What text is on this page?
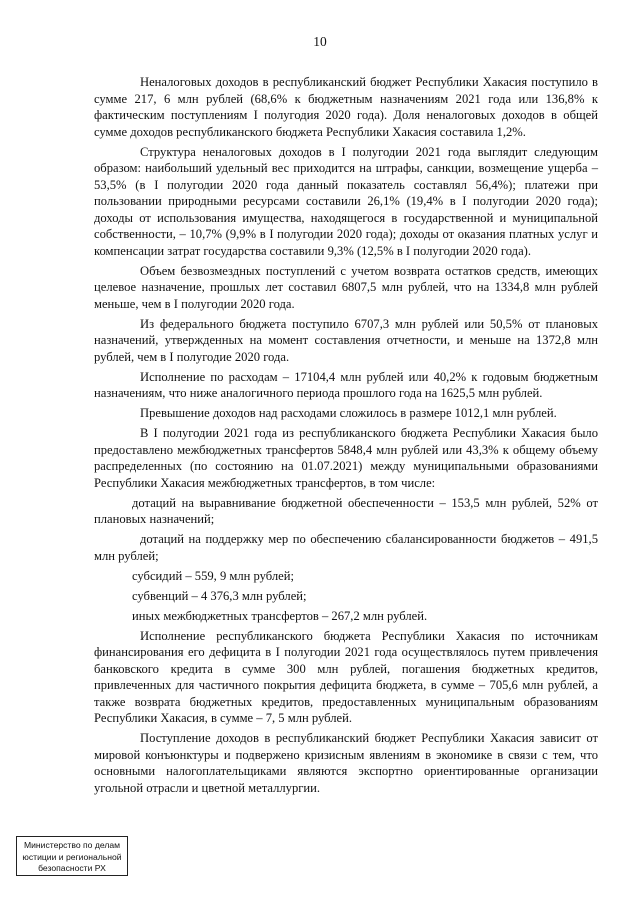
10

Неналоговых доходов в республиканский бюджет Республики Хакасия поступило в сумме 217, 6 млн рублей (68,6% к бюджетным назначениям 2021 года или 136,8% к фактическим поступлениям I полугодия 2020 года). Доля неналоговых доходов в общей сумме доходов республиканского бюджета Республики Хакасия составила 1,2%.

Структура неналоговых доходов в I полугодии 2021 года выглядит следующим образом: наибольший удельный вес приходится на штрафы, санкции, возмещение ущерба – 53,5% (в I полугодии 2020 года данный показатель составлял 56,4%); платежи при пользовании природными ресурсами составили 26,1% (19,4% в I полугодии 2020 года); доходы от использования имущества, находящегося в государственной и муниципальной собственности, – 10,7% (9,9% в I полугодии 2020 года); доходы от оказания платных услуг и компенсации затрат государства составили 9,3% (12,5% в I полугодии 2020 года).

Объем безвозмездных поступлений с учетом возврата остатков средств, имеющих целевое назначение, прошлых лет составил 6807,5 млн рублей, что на 1334,8 млн рублей меньше, чем в I полугодии 2020 года.

Из федерального бюджета поступило 6707,3 млн рублей или 50,5% от плановых назначений, утвержденных на момент составления отчетности, и меньше на 1372,8 млн рублей, чем в I полугодие 2020 года.

Исполнение по расходам – 17104,4 млн рублей или 40,2% к годовым бюджетным назначениям, что ниже аналогичного периода прошлого года на 1625,5 млн рублей.

Превышение доходов над расходами сложилось в размере 1012,1 млн рублей.

В I полугодии 2021 года из республиканского бюджета Республики Хакасия было предоставлено межбюджетных трансфертов 5848,4 млн рублей или 43,3% к общему объему распределенных (по состоянию на 01.07.2021) между муниципальными образованиями Республики Хакасия межбюджетных трансфертов, в том числе:

дотаций на выравнивание бюджетной обеспеченности – 153,5 млн рублей, 52% от плановых назначений;

дотаций на поддержку мер по обеспечению сбалансированности бюджетов – 491,5 млн рублей;

субсидий – 559, 9 млн рублей;

субвенций – 4 376,3 млн рублей;

иных межбюджетных трансфертов – 267,2 млн рублей.

Исполнение республиканского бюджета Республики Хакасия по источникам финансирования его дефицита в I полугодии 2021 года осуществлялось путем привлечения банковского кредита в сумме 300 млн рублей, погашения бюджетных кредитов, привлеченных для частичного покрытия дефицита бюджета, в сумме – 705,6 млн рублей, а также возврата бюджетных кредитов, предоставленных муниципальным образованиям Республики Хакасия, в сумме – 7, 5 млн рублей.

Поступление доходов в республиканский бюджет Республики Хакасия зависит от мировой конъюнктуры и подвержено кризисным явлениям в экономике в связи с тем, что основными налогоплательщиками являются экспортно ориентированные организации угольной отрасли и цветной металлургии.

Министерство по делам
юстиции и региональной
безопасности РХ
